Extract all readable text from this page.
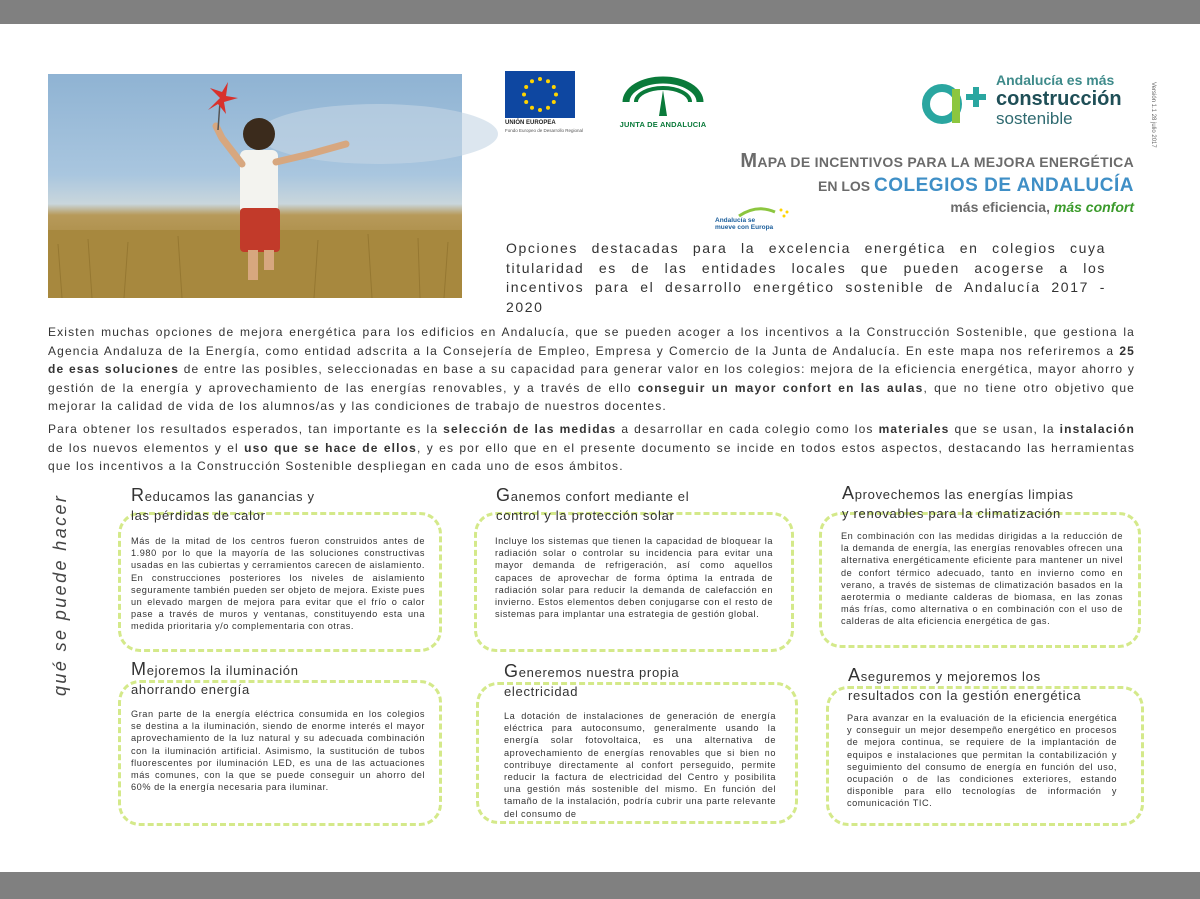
UNIÓN EUROPEA
Fondo Europeo de Desarrollo Regional
JUNTA DE ANDALUCIA
Andalucía es más
construcción
sostenible	Versión 1.1 28 julio 2017
MAPA DE INCENTIVOS PARA LA MEJORA ENERGÉTICA
EN LOS COLEGIOS DE ANDALUCÍA
más eficiencia, más confort
Andalucía se mueve con Europa
Opciones destacadas para la excelencia energética en colegios cuya titularidad es de las entidades locales que pueden acogerse a los incentivos para el desarrollo energético sostenible de Andalucía 2017 - 2020
Existen muchas opciones de mejora energética para los edificios en Andalucía, que se pueden acoger a los incentivos a la Construcción Sostenible, que gestiona la Agencia Andaluza de la Energía, como entidad adscrita a la Consejería de Empleo, Empresa y Comercio de la Junta de Andalucía. En este mapa nos referiremos a 25 de esas soluciones de entre las posibles, seleccionadas en base a su capacidad para generar valor en los colegios: mejora de la eficiencia energética, mayor ahorro y gestión de la energía y aprovechamiento de las energías renovables, y a través de ello conseguir un mayor confort en las aulas, que no tiene otro objetivo que mejorar la calidad de vida de los alumnos/as y las condiciones de trabajo de nuestros docentes.
Para obtener los resultados esperados, tan importante es la selección de las medidas a desarrollar en cada colegio como los materiales que se usan, la instalación de los nuevos elementos y el uso que se hace de ellos, y es por ello que en el presente documento se incide en todos estos aspectos, destacando las herramientas que los incentivos a la Construcción Sostenible despliegan en cada uno de esos ámbitos.
qué se puede hacer	Reducamos las ganancias y
las pérdidas de calor
Más de la mitad de los centros fueron construidos antes de 1.980 por lo que la mayoría de las soluciones constructivas usadas en las cubiertas y cerramientos carecen de aislamiento. En construcciones posteriores los niveles de aislamiento seguramente también pueden ser objeto de mejora. Existe pues un elevado margen de mejora para evitar que el frío o calor pase a través de muros y ventanas, constituyendo esta una medida prioritaria y/o complementaria con otras.
Ganemos confort mediante el
control y la protección solar
Incluye los sistemas que tienen la capacidad de bloquear la radiación solar o controlar su incidencia para evitar una mayor demanda de refrigeración, así como aquellos capaces de aprovechar de forma óptima la entrada de radiación solar para reducir la demanda de calefacción en invierno. Estos elementos deben conjugarse con el resto de sistemas para implantar una estrategia de gestión global.
Aprovechemos las energías limpias
y renovables para la climatización
En combinación con las medidas dirigidas a la reducción de la demanda de energía, las energías renovables ofrecen una alternativa energéticamente eficiente para mantener un nivel de confort térmico adecuado, tanto en invierno como en verano, a través de sistemas de climatización basados en la aerotermia o mediante calderas de biomasa, en las zonas más frías, como alternativa o en combinación con el uso de calderas de alta eficiencia energética de gas.
Mejoremos la iluminación
ahorrando energía
Gran parte de la energía eléctrica consumida en los colegios se destina a la iluminación, siendo de enorme interés el mayor aprovechamiento de la luz natural y su adecuada combinación con la iluminación artificial. Asimismo, la sustitución de tubos fluorescentes por iluminación LED, es una de las actuaciones más comunes, con la que se puede conseguir un ahorro del 60% de la energía necesaria para iluminar.
Generemos nuestra propia
electricidad
La dotación de instalaciones de generación de energía eléctrica para autoconsumo, generalmente usando la energía solar fotovoltaica, es una alternativa de aprovechamiento de energías renovables que si bien no contribuye directamente al confort perseguido, permite reducir la factura de electricidad del Centro y posibilita una gestión más sostenible del mismo. En función del tamaño de la instalación, podría cubrir una parte relevante del consumo de
Aseguremos y mejoremos los
resultados con la gestión energética
Para avanzar en la evaluación de la eficiencia energética y conseguir un mejor desempeño energético en procesos de mejora continua, se requiere de la implantación de equipos e instalaciones que permitan la contabilización y seguimiento del consumo de energía en función del uso, ocupación o de las condiciones exteriores, estando disponible para ello tecnologías de información y comunicación TIC.
